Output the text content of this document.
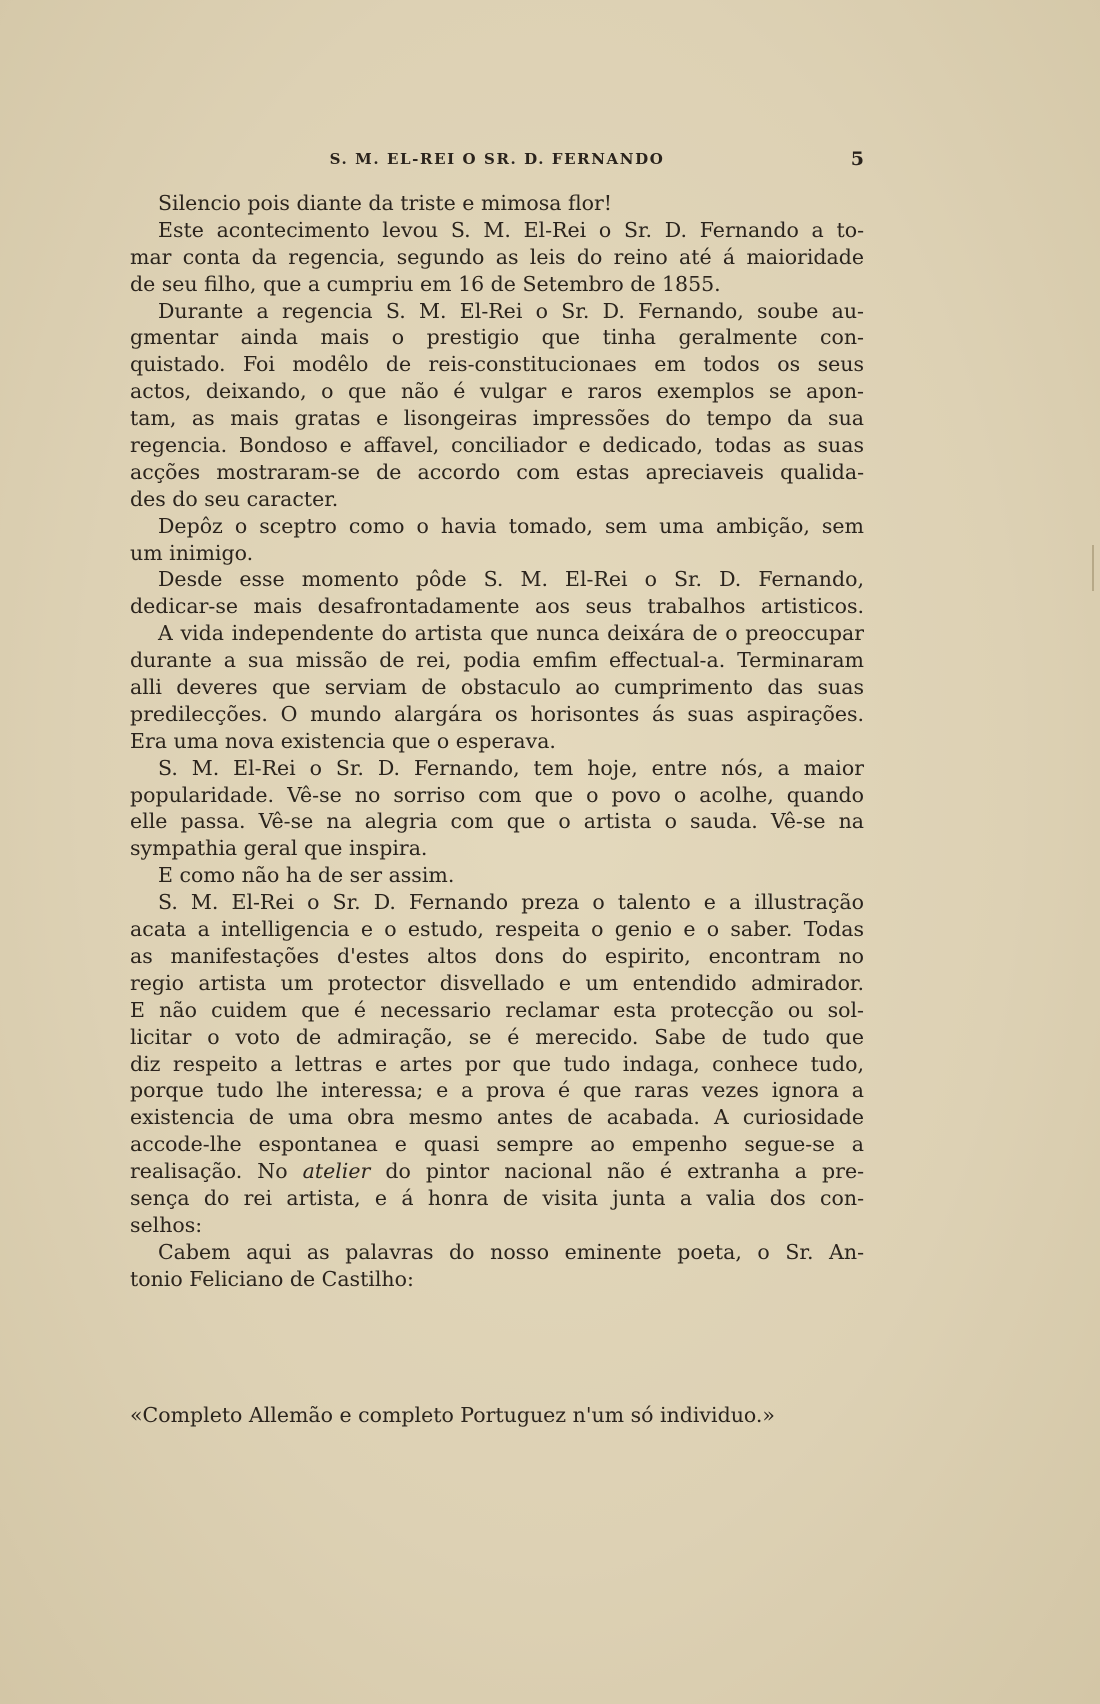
S. M. EL-REI O SR. D. FERNANDO	5
Silencio pois diante da triste e mimosa flor!
Este acontecimento levou S. M. El-Rei o Sr. D. Fernando a to-
mar conta da regencia, segundo as leis do reino até á maioridade
de seu filho, que a cumpriu em 16 de Setembro de 1855.
Durante a regencia S. M. El-Rei o Sr. D. Fernando, soube au-
gmentar ainda mais o prestigio que tinha geralmente con-
quistado. Foi modêlo de reis-constitucionaes em todos os seus
actos, deixando, o que não é vulgar e raros exemplos se apon-
tam, as mais gratas e lisongeiras impressões do tempo da sua
regencia. Bondoso e affavel, conciliador e dedicado, todas as suas
acções mostraram-se de accordo com estas apreciaveis qualida-
des do seu caracter.
Depôz o sceptro como o havia tomado, sem uma ambição, sem
um inimigo.
Desde esse momento pôde S. M. El-Rei o Sr. D. Fernando,
dedicar-se mais desafrontadamente aos seus trabalhos artisticos.
A vida independente do artista que nunca deixára de o preoccupar
durante a sua missão de rei, podia emfim effectual-a. Terminaram
alli deveres que serviam de obstaculo ao cumprimento das suas
predilecções. O mundo alargára os horisontes ás suas aspirações.
Era uma nova existencia que o esperava.
S. M. El-Rei o Sr. D. Fernando, tem hoje, entre nós, a maior
popularidade. Vê-se no sorriso com que o povo o acolhe, quando
elle passa. Vê-se na alegria com que o artista o sauda. Vê-se na
sympathia geral que inspira.
E como não ha de ser assim.
S. M. El-Rei o Sr. D. Fernando preza o talento e a illustração
acata a intelligencia e o estudo, respeita o genio e o saber. Todas
as manifestações d'estes altos dons do espirito, encontram no
regio artista um protector disvellado e um entendido admirador.
E não cuidem que é necessario reclamar esta protecção ou sol-
licitar o voto de admiração, se é merecido. Sabe de tudo que
diz respeito a lettras e artes por que tudo indaga, conhece tudo,
porque tudo lhe interessa; e a prova é que raras vezes ignora a
existencia de uma obra mesmo antes de acabada. A curiosidade
accode-lhe espontanea e quasi sempre ao empenho segue-se a
realisação. No atelier do pintor nacional não é extranha a pre-
sença do rei artista, e á honra de visita junta a valia dos con-
selhos:
Cabem aqui as palavras do nosso eminente poeta, o Sr. An-
tonio Feliciano de Castilho:
«Completo Allemão e completo Portuguez n'um só individuo.»
